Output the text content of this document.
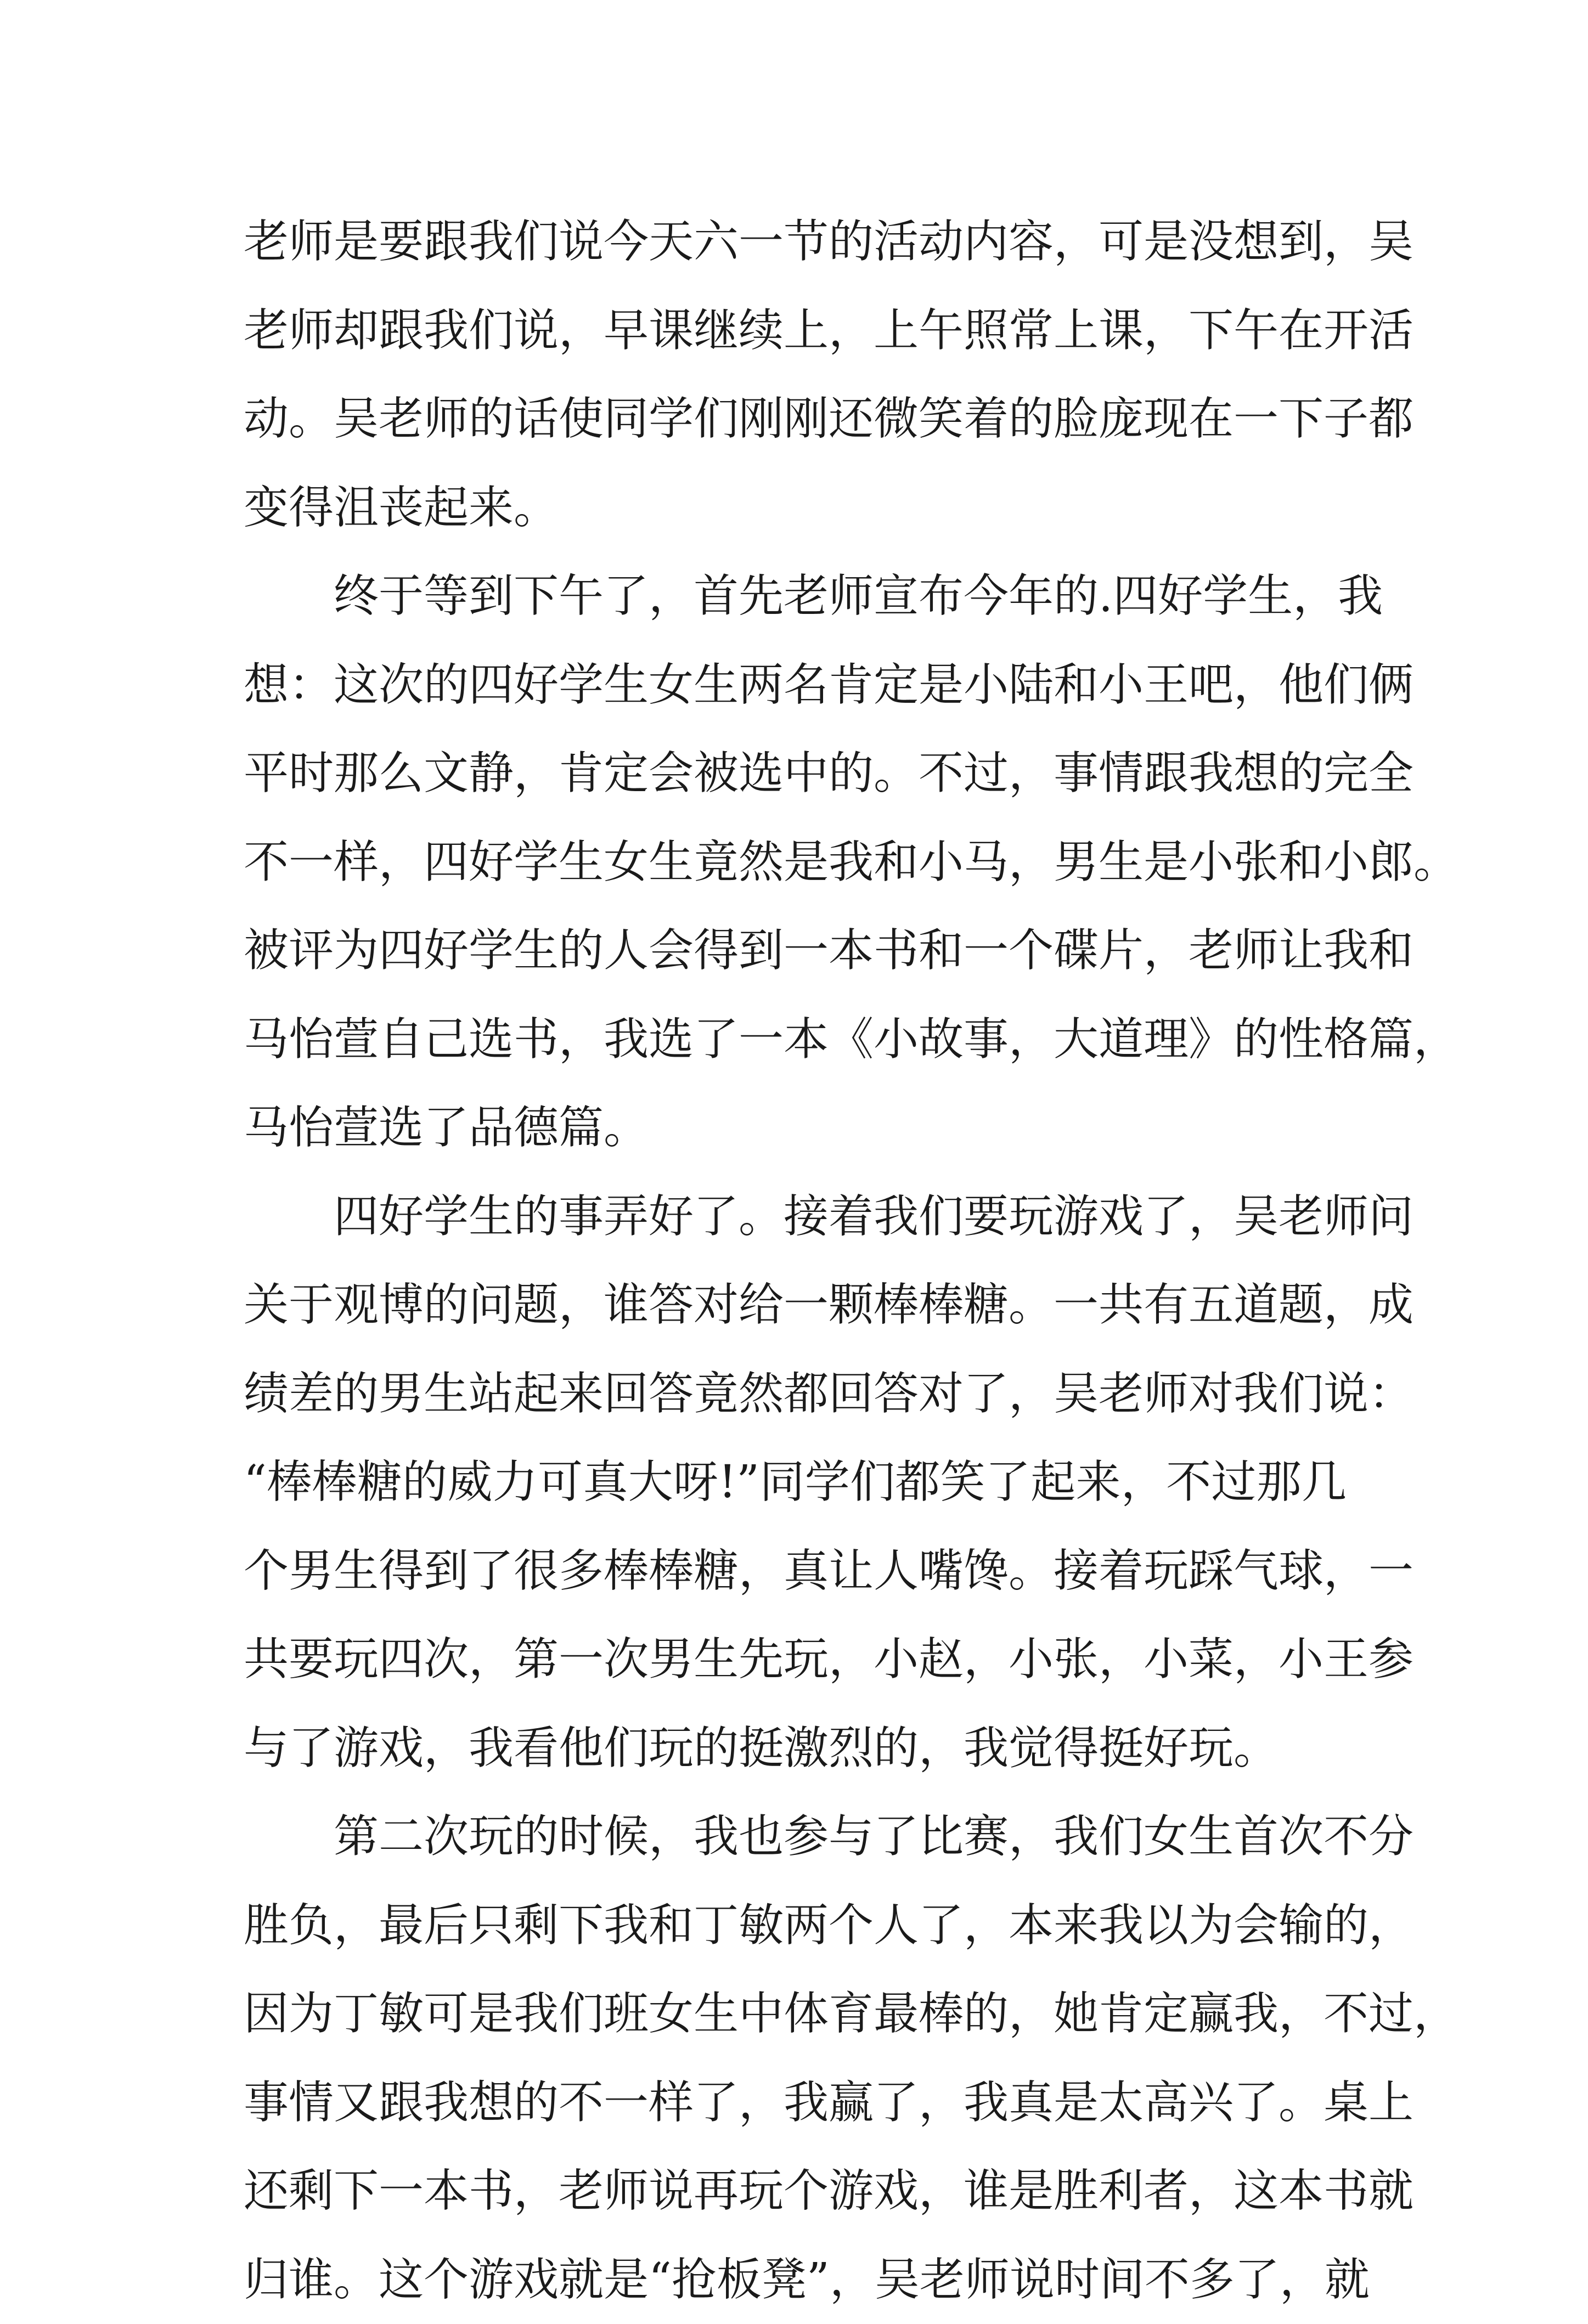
老师是要跟我们说今天六一节的活动内容，可是没想到，吴
老师却跟我们说，早课继续上，上午照常上课，下午在开活
动。吴老师的话使同学们刚刚还微笑着的脸庞现在一下子都
变得沮丧起来。
终于等到下午了，首先老师宣布今年的.四好学生，我
想：这次的四好学生女生两名肯定是小陆和小王吧，他们俩
平时那么文静，肯定会被选中的。不过，事情跟我想的完全
不一样，四好学生女生竟然是我和小马，男生是小张和小郎。
被评为四好学生的人会得到一本书和一个碟片，老师让我和
马怡萱自己选书，我选了一本《小故事，大道理》的性格篇，
马怡萱选了品德篇。
四好学生的事弄好了。接着我们要玩游戏了，吴老师问
关于观博的问题，谁答对给一颗棒棒糖。一共有五道题，成
绩差的男生站起来回答竟然都回答对了，吴老师对我们说：
“棒棒糖的威力可真大呀!”同学们都笑了起来，不过那几
个男生得到了很多棒棒糖，真让人嘴馋。接着玩踩气球，一
共要玩四次，第一次男生先玩，小赵，小张，小菜，小王参
与了游戏，我看他们玩的挺激烈的，我觉得挺好玩。
第二次玩的时候，我也参与了比赛，我们女生首次不分
胜负，最后只剩下我和丁敏两个人了，本来我以为会输的，
因为丁敏可是我们班女生中体育最棒的，她肯定赢我，不过，
事情又跟我想的不一样了，我赢了，我真是太高兴了。桌上
还剩下一本书，老师说再玩个游戏，谁是胜利者，这本书就
归谁。这个游戏就是“抢板凳”，吴老师说时间不多了，就
